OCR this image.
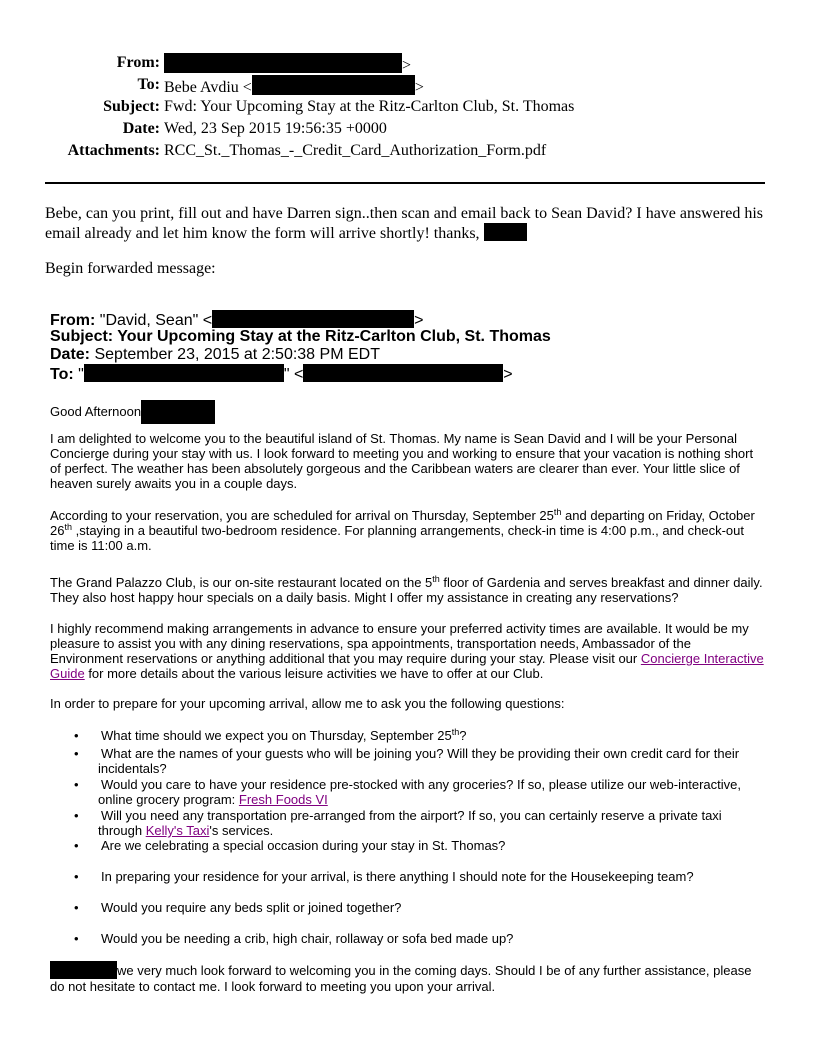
From:	>
To: Bebe Avdiu <	>
Subject: Fwd: Your Upcoming Stay at the Ritz-Carlton Club, St. Thomas
Date: Wed, 23 Sep 2015 19:56:35 +0000
Attachments: RCC_St._Thomas_-_Credit_Card_Authorization_Form.pdf
Bebe, can you print, fill out and have Darren sign..then scan and email back to Sean David? I have answered his email already and let him know the form will arrive shortly! thanks,
Begin forwarded message:
From: "David, Sean" <	>
Subject: Your Upcoming Stay at the Ritz-Carlton Club, St. Thomas
Date: September 23, 2015 at 2:50:38 PM EDT
To: "	" <	>
Good Afternoon
I am delighted to welcome you to the beautiful island of St. Thomas. My name is Sean David and I will be your Personal Concierge during your stay with us. I look forward to meeting you and working to ensure that your vacation is nothing short of perfect. The weather has been absolutely gorgeous and the Caribbean waters are clearer than ever. Your little slice of heaven surely awaits you in a couple days.
According to your reservation, you are scheduled for arrival on Thursday, September 25th and departing on Friday, October 26th ,staying in a beautiful two-bedroom residence. For planning arrangements, check-in time is 4:00 p.m., and check-out time is 11:00 a.m.
The Grand Palazzo Club, is our on-site restaurant located on the 5th floor of Gardenia and serves breakfast and dinner daily. They also host happy hour specials on a daily basis. Might I offer my assistance in creating any reservations?
I highly recommend making arrangements in advance to ensure your preferred activity times are available. It would be my pleasure to assist you with any dining reservations, spa appointments, transportation needs, Ambassador of the Environment reservations or anything additional that you may require during your stay. Please visit our Concierge Interactive Guide for more details about the various leisure activities we have to offer at our Club.
In order to prepare for your upcoming arrival, allow me to ask you the following questions:
• What time should we expect you on Thursday, September 25th?
• What are the names of your guests who will be joining you? Will they be providing their own credit card for their incidentals?
• Would you care to have your residence pre-stocked with any groceries? If so, please utilize our web-interactive, online grocery program: Fresh Foods VI
• Will you need any transportation pre-arranged from the airport? If so, you can certainly reserve a private taxi through Kelly's Taxi's services.
• Are we celebrating a special occasion during your stay in St. Thomas?
• In preparing your residence for your arrival, is there anything I should note for the Housekeeping team?
• Would you require any beds split or joined together?
• Would you be needing a crib, high chair, rollaway or sofa bed made up?
we very much look forward to welcoming you in the coming days. Should I be of any further assistance, please do not hesitate to contact me. I look forward to meeting you upon your arrival.
